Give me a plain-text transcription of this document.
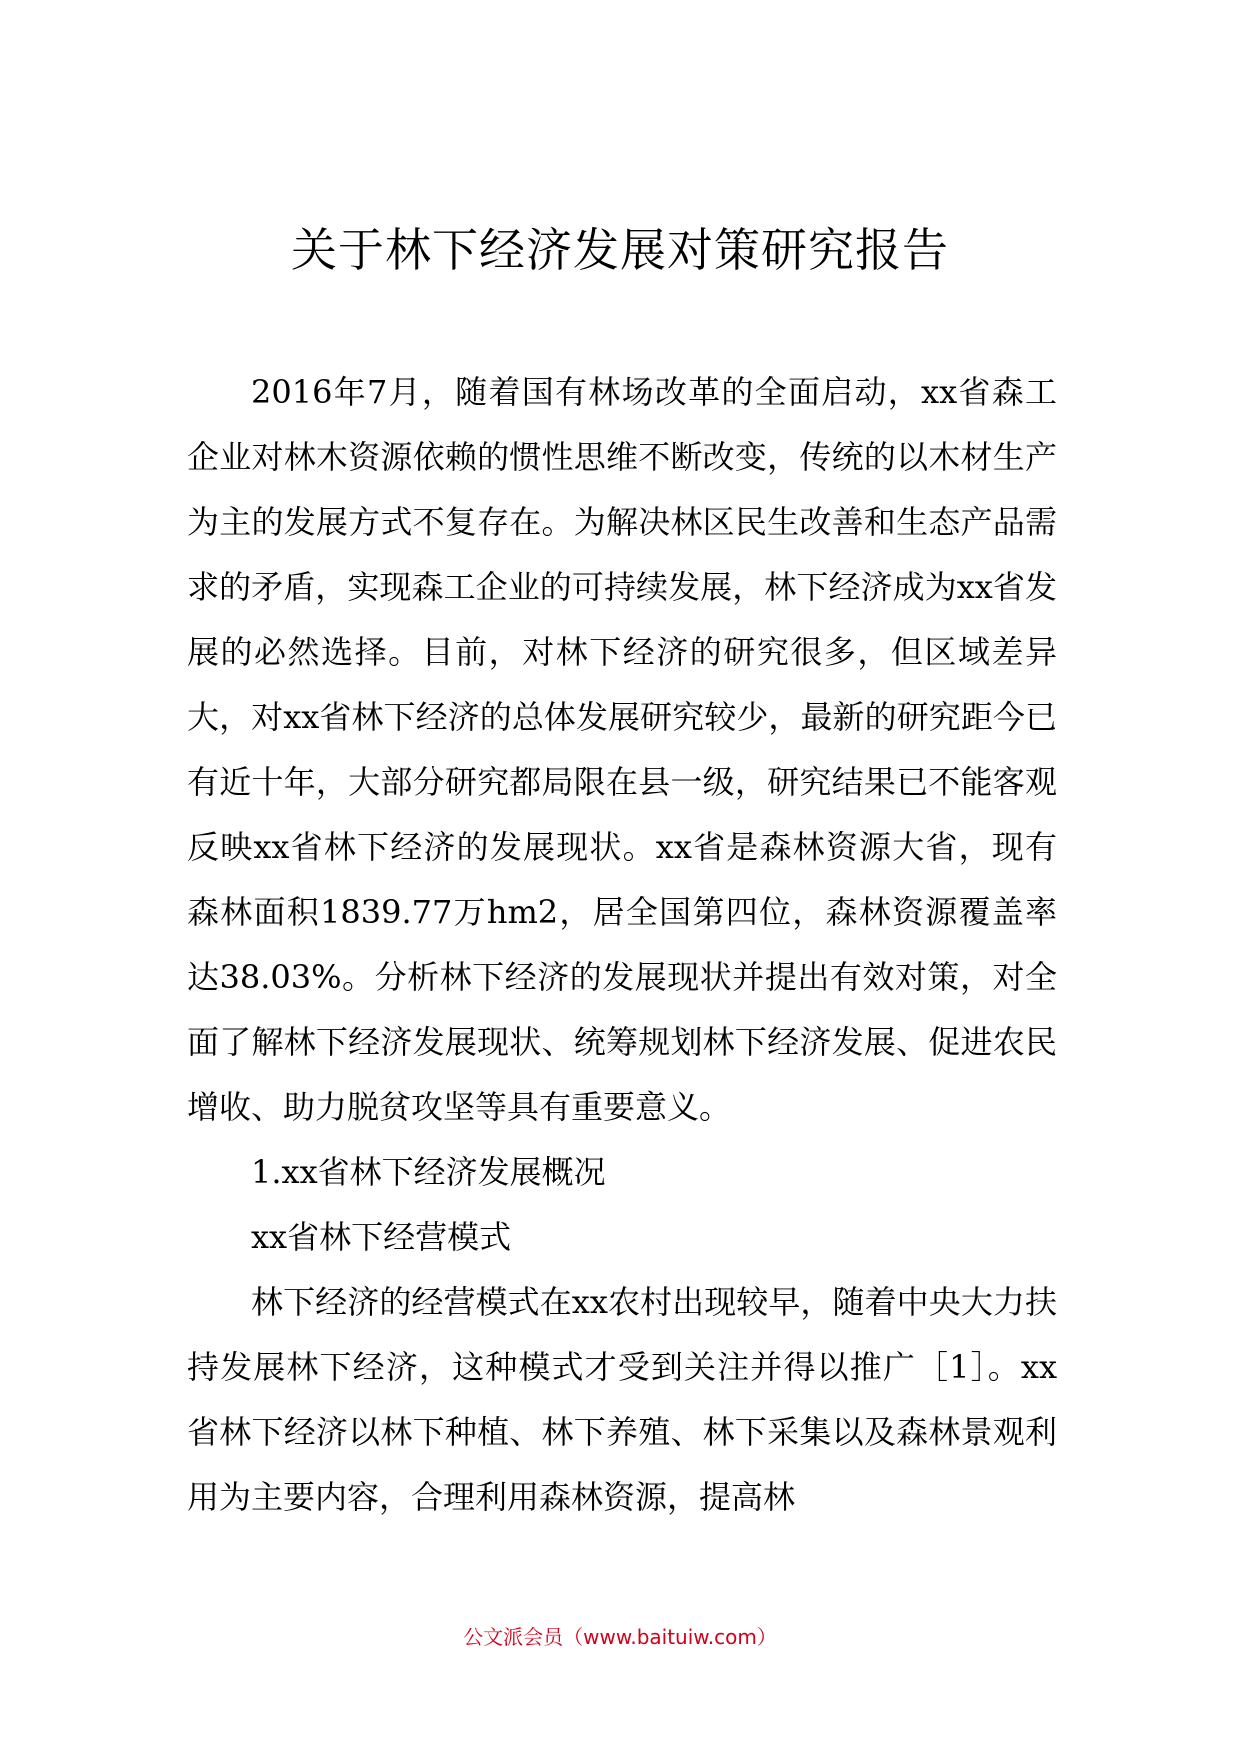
关于林下经济发展对策研究报告

2016年7月，随着国有林场改革的全面启动，xx省森工企业对林木资源依赖的惯性思维不断改变，传统的以木材生产为主的发展方式不复存在。为解决林区民生改善和生态产品需求的矛盾，实现森工企业的可持续发展，林下经济成为xx省发展的必然选择。目前，对林下经济的研究很多，但区域差异大，对xx省林下经济的总体发展研究较少，最新的研究距今已有近十年，大部分研究都局限在县一级，研究结果已不能客观反映xx省林下经济的发展现状。xx省是森林资源大省，现有森林面积1839.77万hm2，居全国第四位，森林资源覆盖率达38.03%。分析林下经济的发展现状并提出有效对策，对全面了解林下经济发展现状、统筹规划林下经济发展、促进农民增收、助力脱贫攻坚等具有重要意义。

1.xx省林下经济发展概况

xx省林下经营模式

林下经济的经营模式在xx农村出现较早，随着中央大力扶持发展林下经济，这种模式才受到关注并得以推广［1］。xx省林下经济以林下种植、林下养殖、林下采集以及森林景观利用为主要内容，合理利用森林资源，提高林

公文派会员（www.baituiw.com）
